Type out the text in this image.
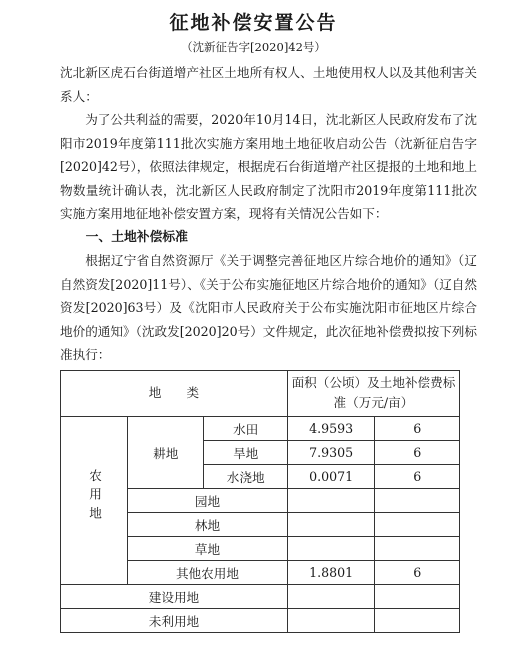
征地补偿安置公告
（沈新征告字[2020]42号）

沈北新区虎石台街道增产社区土地所有权人、土地使用权人以及其他利害关系人：

为了公共利益的需要，2020年10月14日，沈北新区人民政府发布了沈阳市2019年度第111批次实施方案用地土地征收启动公告（沈新征启告字[2020]42号），依照法律规定，根据虎石台街道增产社区提报的土地和地上物数量统计确认表，沈北新区人民政府制定了沈阳市2019年度第111批次实施方案用地征地补偿安置方案，现将有关情况公告如下：

一、土地补偿标准

根据辽宁省自然资源厅《关于调整完善征地区片综合地价的通知》（辽自然资发[2020]11号）、《关于公布实施征地区片综合地价的通知》（辽自然资发[2020]63号）及《沈阳市人民政府关于公布实施沈阳市征地区片综合地价的通知》（沈政发[2020]20号）文件规定，此次征地补偿费拟按下列标准执行：

地　　类			面积（公顷）及土地补偿费标准（万元/亩）	
农用地	耕地	水田	4.9593	6
		旱地	7.9305	6
		水浇地	0.0071	6
	园地			
	林地			
	草地			
	其他农用地		1.8801	6
建设用地				
未利用地				
